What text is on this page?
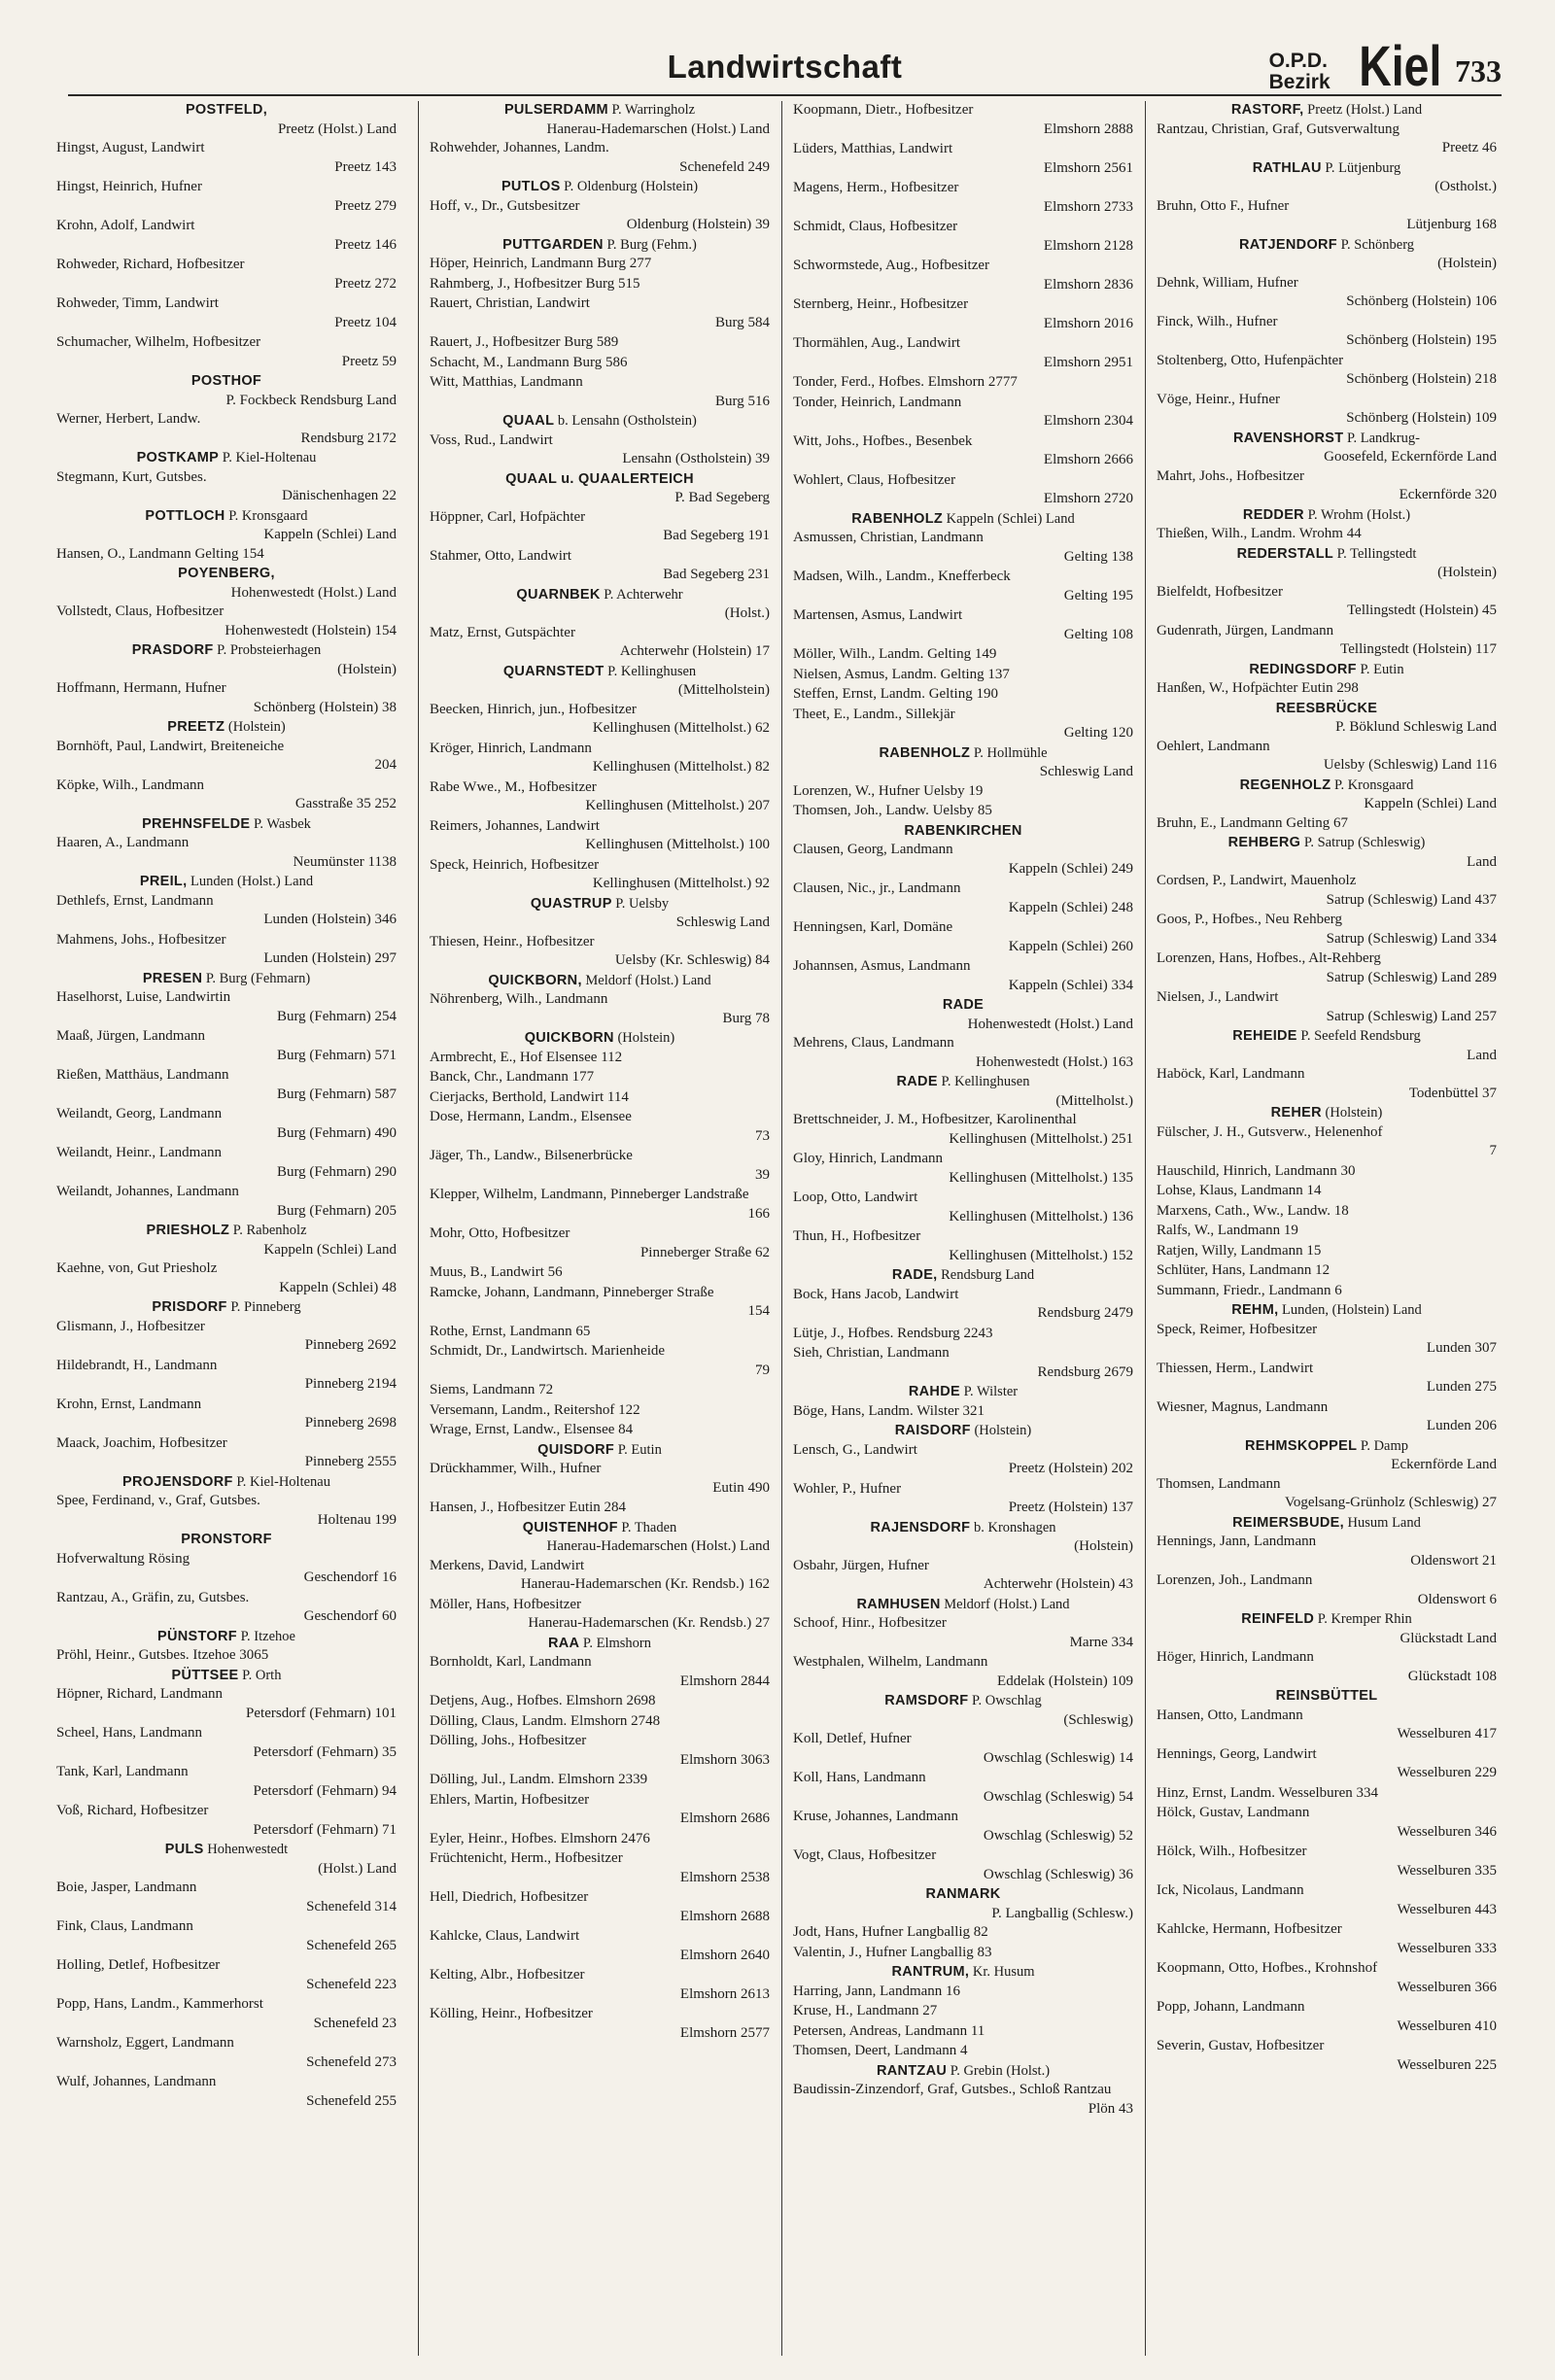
Landwirtschaft	O.P.D.
Bezirk Kiel 733

POSTFELD,

Preetz (Holst.) Land

Hingst, August, Landwirt

Preetz 143

Hingst, Heinrich, Hufner

Preetz 279

Krohn, Adolf, Landwirt

Preetz 146

Rohweder, Richard, Hofbesitzer

Preetz 272

Rohweder, Timm, Landwirt

Preetz 104

Schumacher, Wilhelm, Hofbesitzer

Preetz 59

POSTHOF

P. Fockbeck Rendsburg Land

Werner, Herbert, Landw.

Rendsburg 2172

POSTKAMP P. Kiel-Holtenau

Stegmann, Kurt, Gutsbes.

Dänischenhagen 22

POTTLOCH P. Kronsgaard

Kappeln (Schlei) Land

Hansen, O., Landmann Gelting 154

POYENBERG,

Hohenwestedt (Holst.) Land

Vollstedt, Claus, Hofbesitzer

Hohenwestedt (Holstein) 154

PRASDORF P. Probsteierhagen

(Holstein)

Hoffmann, Hermann, Hufner

Schönberg (Holstein) 38

PREETZ (Holstein)

Bornhöft, Paul, Landwirt, Breiteneiche

204

Köpke, Wilh., Landmann

Gasstraße 35 252

PREHNSFELDE P. Wasbek

Haaren, A., Landmann

Neumünster 1138

PREIL, Lunden (Holst.) Land

Dethlefs, Ernst, Landmann

Lunden (Holstein) 346

Mahmens, Johs., Hofbesitzer

Lunden (Holstein) 297

PRESEN P. Burg (Fehmarn)

Haselhorst, Luise, Landwirtin

Burg (Fehmarn) 254

Maaß, Jürgen, Landmann

Burg (Fehmarn) 571

Rießen, Matthäus, Landmann

Burg (Fehmarn) 587

Weilandt, Georg, Landmann

Burg (Fehmarn) 490

Weilandt, Heinr., Landmann

Burg (Fehmarn) 290

Weilandt, Johannes, Landmann

Burg (Fehmarn) 205

PRIESHOLZ P. Rabenholz

Kappeln (Schlei) Land

Kaehne, von, Gut Priesholz

Kappeln (Schlei) 48

PRISDORF P. Pinneberg

Glismann, J., Hofbesitzer

Pinneberg 2692

Hildebrandt, H., Landmann

Pinneberg 2194

Krohn, Ernst, Landmann

Pinneberg 2698

Maack, Joachim, Hofbesitzer

Pinneberg 2555

PROJENSDORF P. Kiel-Holtenau

Spee, Ferdinand, v., Graf, Gutsbes.

Holtenau 199

PRONSTORF

Hofverwaltung Rösing

Geschendorf 16

Rantzau, A., Gräfin, zu, Gutsbes.

Geschendorf 60

PÜNSTORF P. Itzehoe

Pröhl, Heinr., Gutsbes. Itzehoe 3065

PÜTTSEE P. Orth

Höpner, Richard, Landmann

Petersdorf (Fehmarn) 101

Scheel, Hans, Landmann

Petersdorf (Fehmarn) 35

Tank, Karl, Landmann

Petersdorf (Fehmarn) 94

Voß, Richard, Hofbesitzer

Petersdorf (Fehmarn) 71

PULS Hohenwestedt

(Holst.) Land

Boie, Jasper, Landmann

Schenefeld 314

Fink, Claus, Landmann

Schenefeld 265

Holling, Detlef, Hofbesitzer

Schenefeld 223

Popp, Hans, Landm., Kammerhorst

Schenefeld 23

Warnsholz, Eggert, Landmann

Schenefeld 273

Wulf, Johannes, Landmann

Schenefeld 255

PULSERDAMM P. Warringholz

Hanerau-Hademarschen (Holst.) Land

Rohwehder, Johannes, Landm.

Schenefeld 249

PUTLOS P. Oldenburg (Holstein)

Hoff, v., Dr., Gutsbesitzer

Oldenburg (Holstein) 39

PUTTGARDEN P. Burg (Fehm.)

Höper, Heinrich, Landmann Burg 277

Rahmberg, J., Hofbesitzer Burg 515

Rauert, Christian, Landwirt

Burg 584

Rauert, J., Hofbesitzer Burg 589

Schacht, M., Landmann Burg 586

Witt, Matthias, Landmann

Burg 516

QUAAL b. Lensahn (Ostholstein)

Voss, Rud., Landwirt

Lensahn (Ostholstein) 39

QUAAL u. QUAALERTEICH

P. Bad Segeberg

Höppner, Carl, Hofpächter

Bad Segeberg 191

Stahmer, Otto, Landwirt

Bad Segeberg 231

QUARNBEK P. Achterwehr

(Holst.)

Matz, Ernst, Gutspächter

Achterwehr (Holstein) 17

QUARNSTEDT P. Kellinghusen

(Mittelholstein)

Beecken, Hinrich, jun., Hofbesitzer

Kellinghusen (Mittelholst.) 62

Kröger, Hinrich, Landmann

Kellinghusen (Mittelholst.) 82

Rabe Wwe., M., Hofbesitzer

Kellinghusen (Mittelholst.) 207

Reimers, Johannes, Landwirt

Kellinghusen (Mittelholst.) 100

Speck, Heinrich, Hofbesitzer

Kellinghusen (Mittelholst.) 92

QUASTRUP P. Uelsby

Schleswig Land

Thiesen, Heinr., Hofbesitzer

Uelsby (Kr. Schleswig) 84

QUICKBORN, Meldorf (Holst.) Land

Nöhrenberg, Wilh., Landmann

Burg 78

QUICKBORN (Holstein)

Armbrecht, E., Hof Elsensee 112

Banck, Chr., Landmann 177

Cierjacks, Berthold, Landwirt 114

Dose, Hermann, Landm., Elsensee

73

Jäger, Th., Landw., Bilsenerbrücke

39

Klepper, Wilhelm, Landmann, Pinneberger Landstraße

166

Mohr, Otto, Hofbesitzer

Pinneberger Straße 62

Muus, B., Landwirt 56

Ramcke, Johann, Landmann, Pinneberger Straße

154

Rothe, Ernst, Landmann 65

Schmidt, Dr., Landwirtsch. Marienheide

79

Siems, Landmann 72

Versemann, Landm., Reitershof 122

Wrage, Ernst, Landw., Elsensee 84

QUISDORF P. Eutin

Drückhammer, Wilh., Hufner

Eutin 490

Hansen, J., Hofbesitzer Eutin 284

QUISTENHOF P. Thaden

Hanerau-Hademarschen (Holst.) Land

Merkens, David, Landwirt

Hanerau-Hademarschen (Kr. Rendsb.) 162

Möller, Hans, Hofbesitzer

Hanerau-Hademarschen (Kr. Rendsb.) 27

RAA P. Elmshorn

Bornholdt, Karl, Landmann

Elmshorn 2844

Detjens, Aug., Hofbes. Elmshorn 2698

Dölling, Claus, Landm. Elmshorn 2748

Dölling, Johs., Hofbesitzer

Elmshorn 3063

Dölling, Jul., Landm. Elmshorn 2339

Ehlers, Martin, Hofbesitzer

Elmshorn 2686

Eyler, Heinr., Hofbes. Elmshorn 2476

Früchtenicht, Herm., Hofbesitzer

Elmshorn 2538

Hell, Diedrich, Hofbesitzer

Elmshorn 2688

Kahlcke, Claus, Landwirt

Elmshorn 2640

Kelting, Albr., Hofbesitzer

Elmshorn 2613

Kölling, Heinr., Hofbesitzer

Elmshorn 2577

Koopmann, Dietr., Hofbesitzer

Elmshorn 2888

Lüders, Matthias, Landwirt

Elmshorn 2561

Magens, Herm., Hofbesitzer

Elmshorn 2733

Schmidt, Claus, Hofbesitzer

Elmshorn 2128

Schwormstede, Aug., Hofbesitzer

Elmshorn 2836

Sternberg, Heinr., Hofbesitzer

Elmshorn 2016

Thormählen, Aug., Landwirt

Elmshorn 2951

Tonder, Ferd., Hofbes. Elmshorn 2777

Tonder, Heinrich, Landmann

Elmshorn 2304

Witt, Johs., Hofbes., Besenbek

Elmshorn 2666

Wohlert, Claus, Hofbesitzer

Elmshorn 2720

RABENHOLZ Kappeln (Schlei) Land

Asmussen, Christian, Landmann

Gelting 138

Madsen, Wilh., Landm., Knefferbeck

Gelting 195

Martensen, Asmus, Landwirt

Gelting 108

Möller, Wilh., Landm. Gelting 149

Nielsen, Asmus, Landm. Gelting 137

Steffen, Ernst, Landm. Gelting 190

Theet, E., Landm., Sillekjär

Gelting 120

RABENHOLZ P. Hollmühle

Schleswig Land

Lorenzen, W., Hufner Uelsby 19

Thomsen, Joh., Landw. Uelsby 85

RABENKIRCHEN

Clausen, Georg, Landmann

Kappeln (Schlei) 249

Clausen, Nic., jr., Landmann

Kappeln (Schlei) 248

Henningsen, Karl, Domäne

Kappeln (Schlei) 260

Johannsen, Asmus, Landmann

Kappeln (Schlei) 334

RADE

Hohenwestedt (Holst.) Land

Mehrens, Claus, Landmann

Hohenwestedt (Holst.) 163

RADE P. Kellinghusen

(Mittelholst.)

Brettschneider, J. M., Hofbesitzer, Karolinenthal

Kellinghusen (Mittelholst.) 251

Gloy, Hinrich, Landmann

Kellinghusen (Mittelholst.) 135

Loop, Otto, Landwirt

Kellinghusen (Mittelholst.) 136

Thun, H., Hofbesitzer

Kellinghusen (Mittelholst.) 152

RADE, Rendsburg Land

Bock, Hans Jacob, Landwirt

Rendsburg 2479

Lütje, J., Hofbes. Rendsburg 2243

Sieh, Christian, Landmann

Rendsburg 2679

RAHDE P. Wilster

Böge, Hans, Landm. Wilster 321

RAISDORF (Holstein)

Lensch, G., Landwirt

Preetz (Holstein) 202

Wohler, P., Hufner

Preetz (Holstein) 137

RAJENSDORF b. Kronshagen

(Holstein)

Osbahr, Jürgen, Hufner

Achterwehr (Holstein) 43

RAMHUSEN Meldorf (Holst.) Land

Schoof, Hinr., Hofbesitzer

Marne 334

Westphalen, Wilhelm, Landmann

Eddelak (Holstein) 109

RAMSDORF P. Owschlag

(Schleswig)

Koll, Detlef, Hufner

Owschlag (Schleswig) 14

Koll, Hans, Landmann

Owschlag (Schleswig) 54

Kruse, Johannes, Landmann

Owschlag (Schleswig) 52

Vogt, Claus, Hofbesitzer

Owschlag (Schleswig) 36

RANMARK

P. Langballig (Schlesw.)

Jodt, Hans, Hufner Langballig 82

Valentin, J., Hufner Langballig 83

RANTRUM, Kr. Husum

Harring, Jann, Landmann 16

Kruse, H., Landmann 27

Petersen, Andreas, Landmann 11

Thomsen, Deert, Landmann 4

RANTZAU P. Grebin (Holst.)

Baudissin-Zinzendorf, Graf, Gutsbes., Schloß Rantzau

Plön 43

RASTORF, Preetz (Holst.) Land

Rantzau, Christian, Graf, Gutsverwaltung

Preetz 46

RATHLAU P. Lütjenburg

(Ostholst.)

Bruhn, Otto F., Hufner

Lütjenburg 168

RATJENDORF P. Schönberg

(Holstein)

Dehnk, William, Hufner

Schönberg (Holstein) 106

Finck, Wilh., Hufner

Schönberg (Holstein) 195

Stoltenberg, Otto, Hufenpächter

Schönberg (Holstein) 218

Vöge, Heinr., Hufner

Schönberg (Holstein) 109

RAVENSHORST P. Landkrug-

Goosefeld, Eckernförde Land

Mahrt, Johs., Hofbesitzer

Eckernförde 320

REDDER P. Wrohm (Holst.)

Thießen, Wilh., Landm. Wrohm 44

REDERSTALL P. Tellingstedt

(Holstein)

Bielfeldt, Hofbesitzer

Tellingstedt (Holstein) 45

Gudenrath, Jürgen, Landmann

Tellingstedt (Holstein) 117

REDINGSDORF P. Eutin

Hanßen, W., Hofpächter Eutin 298

REESBRÜCKE

P. Böklund Schleswig Land

Oehlert, Landmann

Uelsby (Schleswig) Land 116

REGENHOLZ P. Kronsgaard

Kappeln (Schlei) Land

Bruhn, E., Landmann Gelting 67

REHBERG P. Satrup (Schleswig)

Land

Cordsen, P., Landwirt, Mauenholz

Satrup (Schleswig) Land 437

Goos, P., Hofbes., Neu Rehberg

Satrup (Schleswig) Land 334

Lorenzen, Hans, Hofbes., Alt-Rehberg

Satrup (Schleswig) Land 289

Nielsen, J., Landwirt

Satrup (Schleswig) Land 257

REHEIDE P. Seefeld Rendsburg

Land

Haböck, Karl, Landmann

Todenbüttel 37

REHER (Holstein)

Fülscher, J. H., Gutsverw., Helenenhof

7

Hauschild, Hinrich, Landmann 30

Lohse, Klaus, Landmann 14

Marxens, Cath., Ww., Landw. 18

Ralfs, W., Landmann 19

Ratjen, Willy, Landmann 15

Schlüter, Hans, Landmann 12

Summann, Friedr., Landmann 6

REHM, Lunden, (Holstein) Land

Speck, Reimer, Hofbesitzer

Lunden 307

Thiessen, Herm., Landwirt

Lunden 275

Wiesner, Magnus, Landmann

Lunden 206

REHMSKOPPEL P. Damp

Eckernförde Land

Thomsen, Landmann

Vogelsang-Grünholz (Schleswig) 27

REIMERSBUDE, Husum Land

Hennings, Jann, Landmann

Oldenswort 21

Lorenzen, Joh., Landmann

Oldenswort 6

REINFELD P. Kremper Rhin

Glückstadt Land

Höger, Hinrich, Landmann

Glückstadt 108

REINSBÜTTEL

Hansen, Otto, Landmann

Wesselburen 417

Hennings, Georg, Landwirt

Wesselburen 229

Hinz, Ernst, Landm. Wesselburen 334

Hölck, Gustav, Landmann

Wesselburen 346

Hölck, Wilh., Hofbesitzer

Wesselburen 335

Ick, Nicolaus, Landmann

Wesselburen 443

Kahlcke, Hermann, Hofbesitzer

Wesselburen 333

Koopmann, Otto, Hofbes., Krohnshof

Wesselburen 366

Popp, Johann, Landmann

Wesselburen 410

Severin, Gustav, Hofbesitzer

Wesselburen 225
